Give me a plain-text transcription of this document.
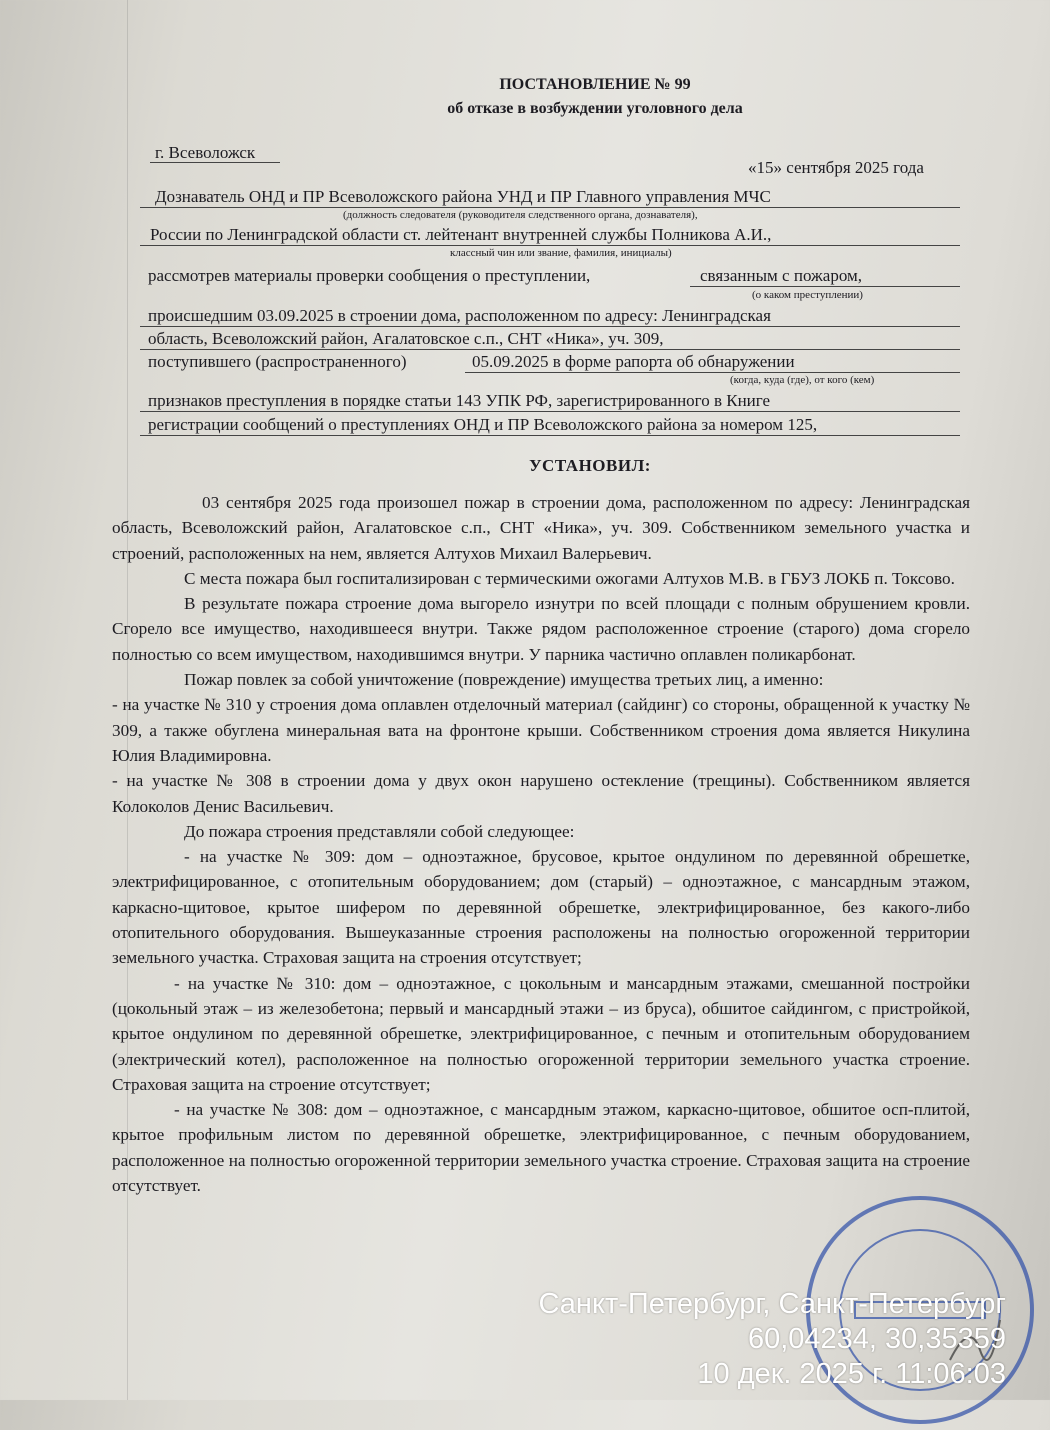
ПОСТАНОВЛЕНИЕ № 99
об отказе в возбуждении уголовного дела
г. Всеволожск
«15» сентября 2025 года
Дознаватель ОНД и ПР Всеволожского района УНД и ПР Главного управления МЧС
(должность следователя (руководителя следственного органа, дознавателя),
России по Ленинградской области ст. лейтенант внутренней службы Полникова А.И.,
классный чин или звание, фамилия, инициалы)
рассмотрев материалы проверки сообщения о преступлении,	связанным с пожаром,
(о каком преступлении)
происшедшим 03.09.2025 в строении дома, расположенном по адресу: Ленинградская
область, Всеволожский район, Агалатовское с.п., СНТ «Ника», уч. 309,
поступившего (распространенного)	05.09.2025 в форме рапорта об обнаружении
(когда, куда (где), от кого (кем)
признаков преступления в порядке статьи 143 УПК РФ, зарегистрированного в Книге
регистрации сообщений о преступлениях ОНД и ПР Всеволожского района за номером 125,
УСТАНОВИЛ:

03 сентября 2025 года произошел пожар в строении дома, расположенном по адресу: Ленинградская область, Всеволожский район, Агалатовское с.п., СНТ «Ника», уч. 309. Собственником земельного участка и строений, расположенных на нем, является Алтухов Михаил Валерьевич.

С места пожара был госпитализирован с термическими ожогами Алтухов М.В. в ГБУЗ ЛОКБ п. Токсово.

В результате пожара строение дома выгорело изнутри по всей площади с полным обрушением кровли. Сгорело все имущество, находившееся внутри. Также рядом расположенное строение (старого) дома сгорело полностью со всем имуществом, находившимся внутри. У парника частично оплавлен поликарбонат.

Пожар повлек за собой уничтожение (повреждение) имущества третьих лиц, а именно:

- на участке № 310 у строения дома оплавлен отделочный материал (сайдинг) со стороны, обращенной к участку № 309, а также обуглена минеральная вата на фронтоне крыши. Собственником строения дома является Никулина Юлия Владимировна.

- на участке № 308 в строении дома у двух окон нарушено остекление (трещины). Собственником является Колоколов Денис Васильевич.

До пожара строения представляли собой следующее:

- на участке № 309: дом – одноэтажное, брусовое, крытое ондулином по деревянной обрешетке, электрифицированное, с отопительным оборудованием; дом (старый) – одноэтажное, с мансардным этажом, каркасно-щитовое, крытое шифером по деревянной обрешетке, электрифицированное, без какого-либо отопительного оборудования. Вышеуказанные строения расположены на полностью огороженной территории земельного участка. Страховая защита на строения отсутствует;

- на участке № 310: дом – одноэтажное, с цокольным и мансардным этажами, смешанной постройки (цокольный этаж – из железобетона; первый и мансардный этажи – из бруса), обшитое сайдингом, с пристройкой, крытое ондулином по деревянной обрешетке, электрифицированное, с печным и отопительным оборудованием (электрический котел), расположенное на полностью огороженной территории земельного участка строение. Страховая защита на строение отсутствует;

- на участке № 308: дом – одноэтажное, с мансардным этажом, каркасно-щитовое, обшитое осп-плитой, крытое профильным листом по деревянной обрешетке, электрифицированное, с печным оборудованием, расположенное на полностью огороженной территории земельного участка строение. Страховая защита на строение отсутствует.

Санкт-Петербург, Санкт-Петербург
60,04234, 30,35359
10 дек. 2025 г. 11:06:03
